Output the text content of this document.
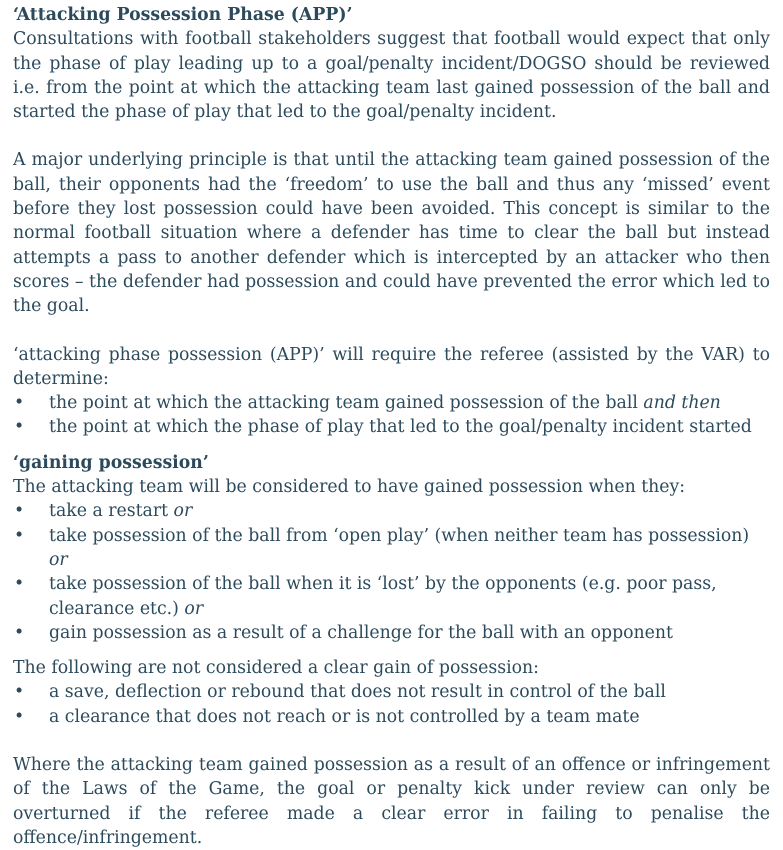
‘Attacking Possession Phase (APP)’

Consultations with football stakeholders suggest that football would expect that only the phase of play leading up to a goal/penalty incident/DOGSO should be reviewed i.e. from the point at which the attacking team last gained possession of the ball and started the phase of play that led to the goal/penalty incident.

A major underlying principle is that until the attacking team gained possession of the ball, their opponents had the ‘freedom’ to use the ball and thus any ‘missed’ event before they lost possession could have been avoided. This concept is similar to the normal football situation where a defender has time to clear the ball but instead attempts a pass to another defender which is intercepted by an attacker who then scores – the defender had possession and could have prevented the error which led to the goal.

‘attacking phase possession (APP)’ will require the referee (assisted by the VAR) to determine:

• the point at which the attacking team gained possession of the ball and then
• the point at which the phase of play that led to the goal/penalty incident started
‘gaining possession’

The attacking team will be considered to have gained possession when they:

• take a restart or
• take possession of the ball from ‘open play’ (when neither team has possession) or
• take possession of the ball when it is ‘lost’ by the opponents (e.g. poor pass, clearance etc.) or
• gain possession as a result of a challenge for the ball with an opponent

The following are not considered a clear gain of possession:

• a save, deflection or rebound that does not result in control of the ball
• a clearance that does not reach or is not controlled by a team mate

Where the attacking team gained possession as a result of an offence or infringement of the Laws of the Game, the goal or penalty kick under review can only be overturned if the referee made a clear error in failing to penalise the offence/infringement.
